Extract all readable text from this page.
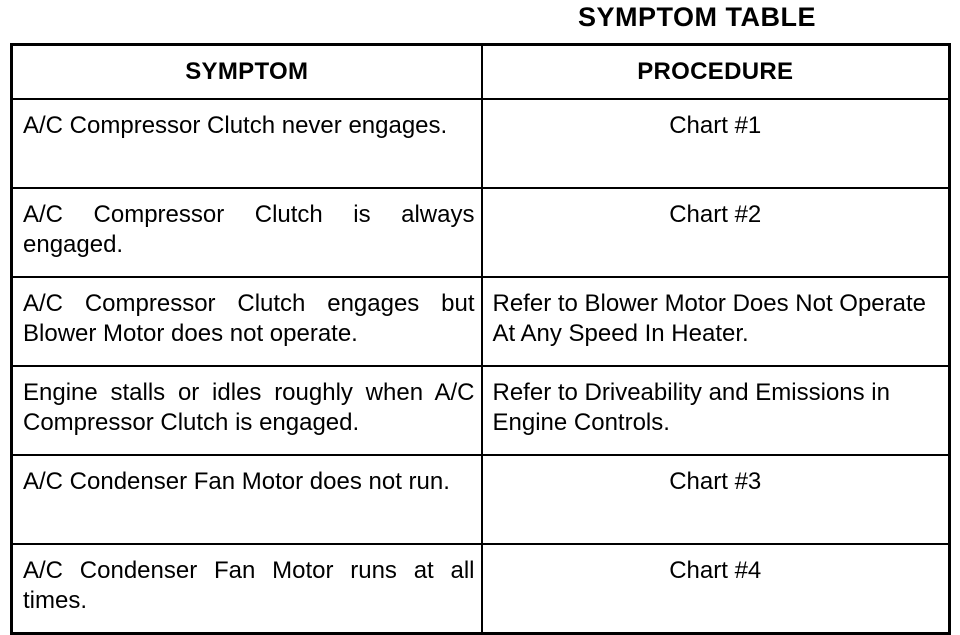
SYMPTOM TABLE
SYMPTOM	PROCEDURE
A/C Compressor Clutch never engages.	Chart #1
A/C Compressor Clutch is always engaged.	Chart #2
A/C Compressor Clutch engages but Blower Motor does not operate.	Refer to Blower Motor Does Not Operate At Any Speed In Heater.
Engine stalls or idles roughly when A/C Compressor Clutch is engaged.	Refer to Driveability and Emissions in Engine Controls.
A/C Condenser Fan Motor does not run.	Chart #3
A/C Condenser Fan Motor runs at all times.	Chart #4
